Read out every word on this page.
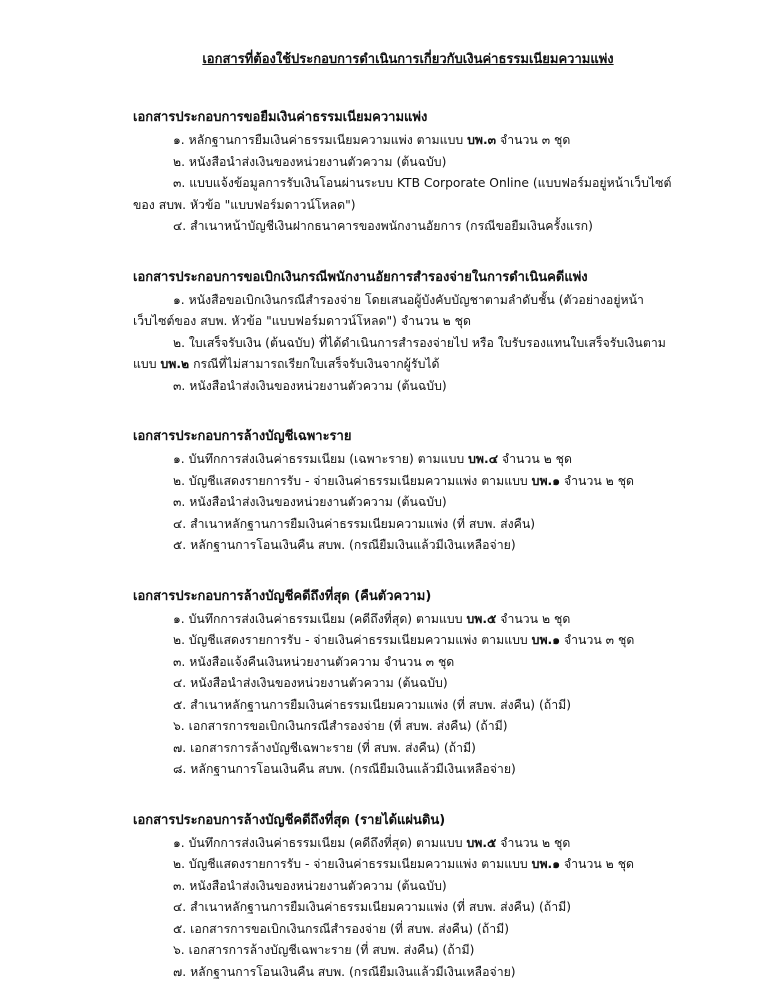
เอกสารที่ต้องใช้ประกอบการดำเนินการเกี่ยวกับเงินค่าธรรมเนียมความแพ่ง
เอกสารประกอบการขอยืมเงินค่าธรรมเนียมความแพ่ง

๑. หลักฐานการยืมเงินค่าธรรมเนียมความแพ่ง ตามแบบ บพ.๓ จำนวน ๓ ชุด

๒. หนังสือนำส่งเงินของหน่วยงานตัวความ (ต้นฉบับ)

๓. แบบแจ้งข้อมูลการรับเงินโอนผ่านระบบ KTB Corporate Online (แบบฟอร์มอยู่หน้าเว็บไซต์ของ สบพ. หัวข้อ "แบบฟอร์มดาวน์โหลด")

๔. สำเนาหน้าบัญชีเงินฝากธนาคารของพนักงานอัยการ (กรณีขอยืมเงินครั้งแรก)

เอกสารประกอบการขอเบิกเงินกรณีพนักงานอัยการสำรองจ่ายในการดำเนินคดีแพ่ง

๑. หนังสือขอเบิกเงินกรณีสำรองจ่าย โดยเสนอผู้บังคับบัญชาตามลำดับชั้น (ตัวอย่างอยู่หน้าเว็บไซต์ของ สบพ. หัวข้อ "แบบฟอร์มดาวน์โหลด") จำนวน ๒ ชุด

๒. ใบเสร็จรับเงิน (ต้นฉบับ) ที่ได้ดำเนินการสำรองจ่ายไป หรือ ใบรับรองแทนใบเสร็จรับเงินตามแบบ บพ.๒ กรณีที่ไม่สามารถเรียกใบเสร็จรับเงินจากผู้รับได้

๓. หนังสือนำส่งเงินของหน่วยงานตัวความ (ต้นฉบับ)

เอกสารประกอบการล้างบัญชีเฉพาะราย

๑. บันทึกการส่งเงินค่าธรรมเนียม (เฉพาะราย) ตามแบบ บพ.๔ จำนวน ๒ ชุด

๒. บัญชีแสดงรายการรับ - จ่ายเงินค่าธรรมเนียมความแพ่ง ตามแบบ บพ.๑ จำนวน ๒ ชุด

๓. หนังสือนำส่งเงินของหน่วยงานตัวความ (ต้นฉบับ)

๔. สำเนาหลักฐานการยืมเงินค่าธรรมเนียมความแพ่ง (ที่ สบพ. ส่งคืน)

๕. หลักฐานการโอนเงินคืน สบพ. (กรณียืมเงินแล้วมีเงินเหลือจ่าย)

เอกสารประกอบการล้างบัญชีคดีถึงที่สุด (คืนตัวความ)

๑. บันทึกการส่งเงินค่าธรรมเนียม (คดีถึงที่สุด) ตามแบบ บพ.๕ จำนวน ๒ ชุด

๒. บัญชีแสดงรายการรับ - จ่ายเงินค่าธรรมเนียมความแพ่ง ตามแบบ บพ.๑ จำนวน ๓ ชุด

๓. หนังสือแจ้งคืนเงินหน่วยงานตัวความ จำนวน ๓ ชุด

๔. หนังสือนำส่งเงินของหน่วยงานตัวความ (ต้นฉบับ)

๕. สำเนาหลักฐานการยืมเงินค่าธรรมเนียมความแพ่ง (ที่ สบพ. ส่งคืน) (ถ้ามี)

๖. เอกสารการขอเบิกเงินกรณีสำรองจ่าย (ที่ สบพ. ส่งคืน) (ถ้ามี)

๗. เอกสารการล้างบัญชีเฉพาะราย (ที่ สบพ. ส่งคืน) (ถ้ามี)

๘. หลักฐานการโอนเงินคืน สบพ. (กรณียืมเงินแล้วมีเงินเหลือจ่าย)

เอกสารประกอบการล้างบัญชีคดีถึงที่สุด (รายได้แผ่นดิน)

๑. บันทึกการส่งเงินค่าธรรมเนียม (คดีถึงที่สุด) ตามแบบ บพ.๕ จำนวน ๒ ชุด

๒. บัญชีแสดงรายการรับ - จ่ายเงินค่าธรรมเนียมความแพ่ง ตามแบบ บพ.๑ จำนวน ๒ ชุด

๓. หนังสือนำส่งเงินของหน่วยงานตัวความ (ต้นฉบับ)

๔. สำเนาหลักฐานการยืมเงินค่าธรรมเนียมความแพ่ง (ที่ สบพ. ส่งคืน) (ถ้ามี)

๕. เอกสารการขอเบิกเงินกรณีสำรองจ่าย (ที่ สบพ. ส่งคืน) (ถ้ามี)

๖. เอกสารการล้างบัญชีเฉพาะราย (ที่ สบพ. ส่งคืน) (ถ้ามี)

๗. หลักฐานการโอนเงินคืน สบพ. (กรณียืมเงินแล้วมีเงินเหลือจ่าย)
